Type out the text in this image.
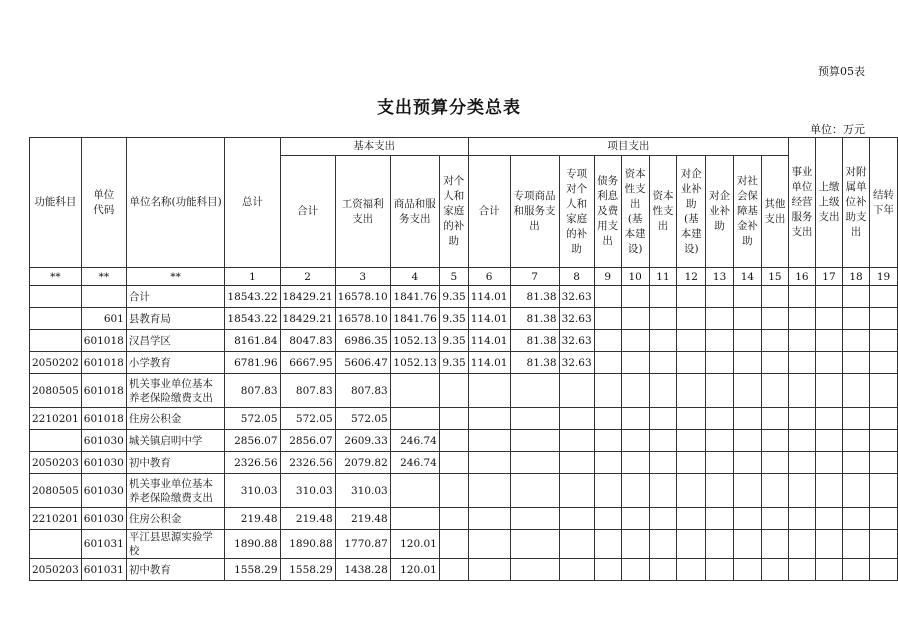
预算05表
支出预算分类总表
单位：万元
功能科目	单位代码	单位名称(功能科目)	总计	基本支出				项目支出										事业单位经营服务支出	上缴上级支出	对附属单位补助支出	结转下年
				合计	工资福利支出	商品和服务支出	对个人和家庭的补助	合计	专项商品和服务支出	专项对个人和家庭的补助	债务利息及费用支出	资本性支出(基本建设)	资本性支出	对企业补助(基本建设)	对企业补助	对社会保障基金补助	其他支出				
**	**	**	1	2	3	4	5	6	7	8	9	10	11	12	13	14	15	16	17	18	19
		合计	18543.22	18429.21	16578.10	1841.76	9.35	114.01	81.38	32.63											
	601	县教育局	18543.22	18429.21	16578.10	1841.76	9.35	114.01	81.38	32.63											
	601018	汉昌学区	8161.84	8047.83	6986.35	1052.13	9.35	114.01	81.38	32.63											
2050202	601018	小学教育	6781.96	6667.95	5606.47	1052.13	9.35	114.01	81.38	32.63											
2080505	601018	机关事业单位基本养老保险缴费支出	807.83	807.83	807.83																
2210201	601018	住房公积金	572.05	572.05	572.05																
	601030	城关镇启明中学	2856.07	2856.07	2609.33	246.74															
2050203	601030	初中教育	2326.56	2326.56	2079.82	246.74															
2080505	601030	机关事业单位基本养老保险缴费支出	310.03	310.03	310.03																
2210201	601030	住房公积金	219.48	219.48	219.48																
	601031	平江县思源实验学校	1890.88	1890.88	1770.87	120.01															
2050203	601031	初中教育	1558.29	1558.29	1438.28	120.01															
